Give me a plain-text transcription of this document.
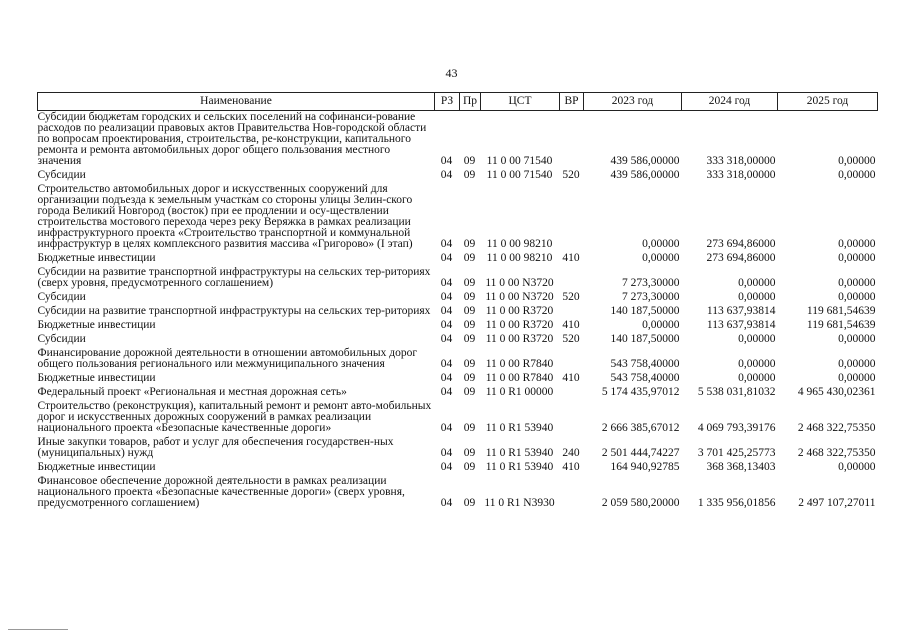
43
Наименование	РЗ	Пр	ЦСТ	ВР	2023 год	2024 год	2025 год
Субсидии бюджетам городских и сельских поселений на софинанси-рование расходов по реализации правовых актов Правительства Нов-городской области по вопросам проектирования, строительства, ре-конструкции, капитального ремонта и ремонта автомобильных дорог общего пользования местного значения	04	09	11 0 00 71540		439 586,00000	333 318,00000	0,00000
Субсидии	04	09	11 0 00 71540	520	439 586,00000	333 318,00000	0,00000
Строительство автомобильных дорог и искусственных сооружений для организации подъезда к земельным участкам со стороны улицы Зелин-ского города Великий Новгород (восток) при ее продлении и осу-ществлении строительства мостового перехода через реку Веряжка в рамках реализации инфраструктурного проекта «Строительство транспортной и коммунальной инфраструктур в целях комплексного развития массива «Григорово» (I этап)	04	09	11 0 00 98210		0,00000	273 694,86000	0,00000
Бюджетные инвестиции	04	09	11 0 00 98210	410	0,00000	273 694,86000	0,00000
Субсидии на развитие транспортной инфраструктуры на сельских тер-риториях (сверх уровня, предусмотренного соглашением)	04	09	11 0 00 N3720		7 273,30000	0,00000	0,00000
Субсидии	04	09	11 0 00 N3720	520	7 273,30000	0,00000	0,00000
Субсидии на развитие транспортной инфраструктуры на сельских тер-риториях	04	09	11 0 00 R3720		140 187,50000	113 637,93814	119 681,54639
Бюджетные инвестиции	04	09	11 0 00 R3720	410	0,00000	113 637,93814	119 681,54639
Субсидии	04	09	11 0 00 R3720	520	140 187,50000	0,00000	0,00000
Финансирование дорожной деятельности в отношении автомобильных дорог общего пользования регионального или межмуниципального значения	04	09	11 0 00 R7840		543 758,40000	0,00000	0,00000
Бюджетные инвестиции	04	09	11 0 00 R7840	410	543 758,40000	0,00000	0,00000
Федеральный проект «Региональная и местная дорожная сеть»	04	09	11 0 R1 00000		5 174 435,97012	5 538 031,81032	4 965 430,02361
Строительство (реконструкция), капитальный ремонт и ремонт авто-мобильных дорог и искусственных дорожных сооружений в рамках реализации национального проекта «Безопасные качественные дороги»	04	09	11 0 R1 53940		2 666 385,67012	4 069 793,39176	2 468 322,75350
Иные закупки товаров, работ и услуг для обеспечения государствен-ных (муниципальных) нужд	04	09	11 0 R1 53940	240	2 501 444,74227	3 701 425,25773	2 468 322,75350
Бюджетные инвестиции	04	09	11 0 R1 53940	410	164 940,92785	368 368,13403	0,00000
Финансовое обеспечение дорожной деятельности в рамках реализации национального проекта «Безопасные качественные дороги» (сверх уровня, предусмотренного соглашением)	04	09	11 0 R1 N3930		2 059 580,20000	1 335 956,01856	2 497 107,27011
